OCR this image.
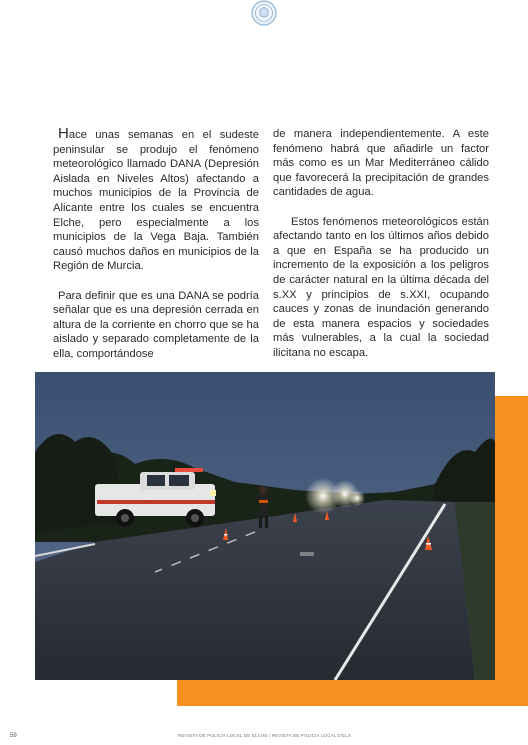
Hace unas semanas en el sudeste peninsular se produjo el fenómeno meteorológico llamado DANA (Depresión Aislada en Niveles Altos) afectando a muchos municipios de la Provincia de Alicante entre los cuales se encuentra Elche, pero especialmente a los municipios de la Vega Baja. También causó muchos daños en municipios de la Región de Murcia.

Para definir que es una DANA se podría señalar que es una depresión cerrada en altura de la corriente en chorro que se ha aislado y separado completamente de la ella, comportándose

de manera independientemente. A este fenómeno habrá que añadirle un factor más como es un Mar Mediterráneo cálido que favorecerá la precipitación de grandes cantidades de agua.

Estos fenómenos meteorológicos están afectando tanto en los últimos años debido a que en España se ha producido un incremento de la exposición a los peligros de carácter natural en la última década del s.XX y principios de s.XXI, ocupando cauces y zonas de inundación generando de esta manera espacios y sociedades más vulnerables, a la cual la sociedad ilicitana no escapa.

·
59	REVISTA DE POLICIA LOCAL DE ELCHE / REVISTA DE POLICIA LOCAL D'ELX
